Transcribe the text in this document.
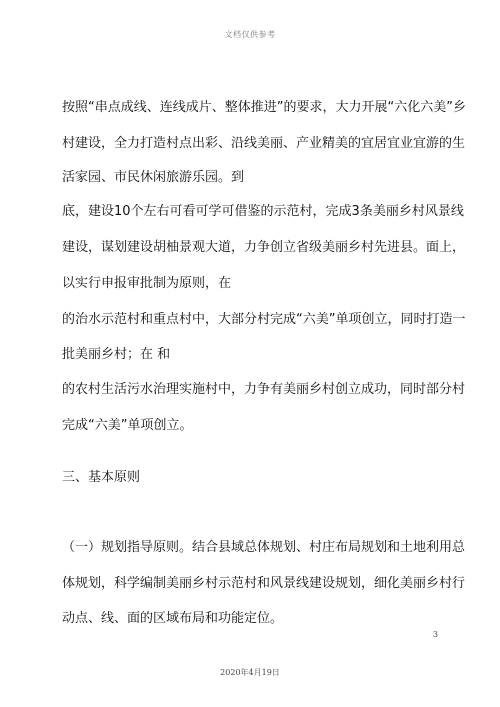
文档仅供参考
按照“串点成线、连线成片、整体推进”的要求，大力开展“六化六美”乡
村建设，全力打造村点出彩、沿线美丽、产业精美的宜居宜业宜游的生
活家园、市民休闲旅游乐园。到
底，建设10个左右可看可学可借鉴的示范村，完成3条美丽乡村风景线
建设，谋划建设胡柚景观大道，力争创立省级美丽乡村先进县。面上，
以实行申报审批制为原则，在
的治水示范村和重点村中，大部分村完成“六美”单项创立，同时打造一
批美丽乡村；在 和
的农村生活污水治理实施村中，力争有美丽乡村创立成功，同时部分村
完成“六美”单项创立。
三、基本原则
（一）规划指导原则。结合县域总体规划、村庄布局规划和土地利用总
体规划，科学编制美丽乡村示范村和风景线建设规划，细化美丽乡村行
动点、线、面的区域布局和功能定位。
3
2020年4月19日
